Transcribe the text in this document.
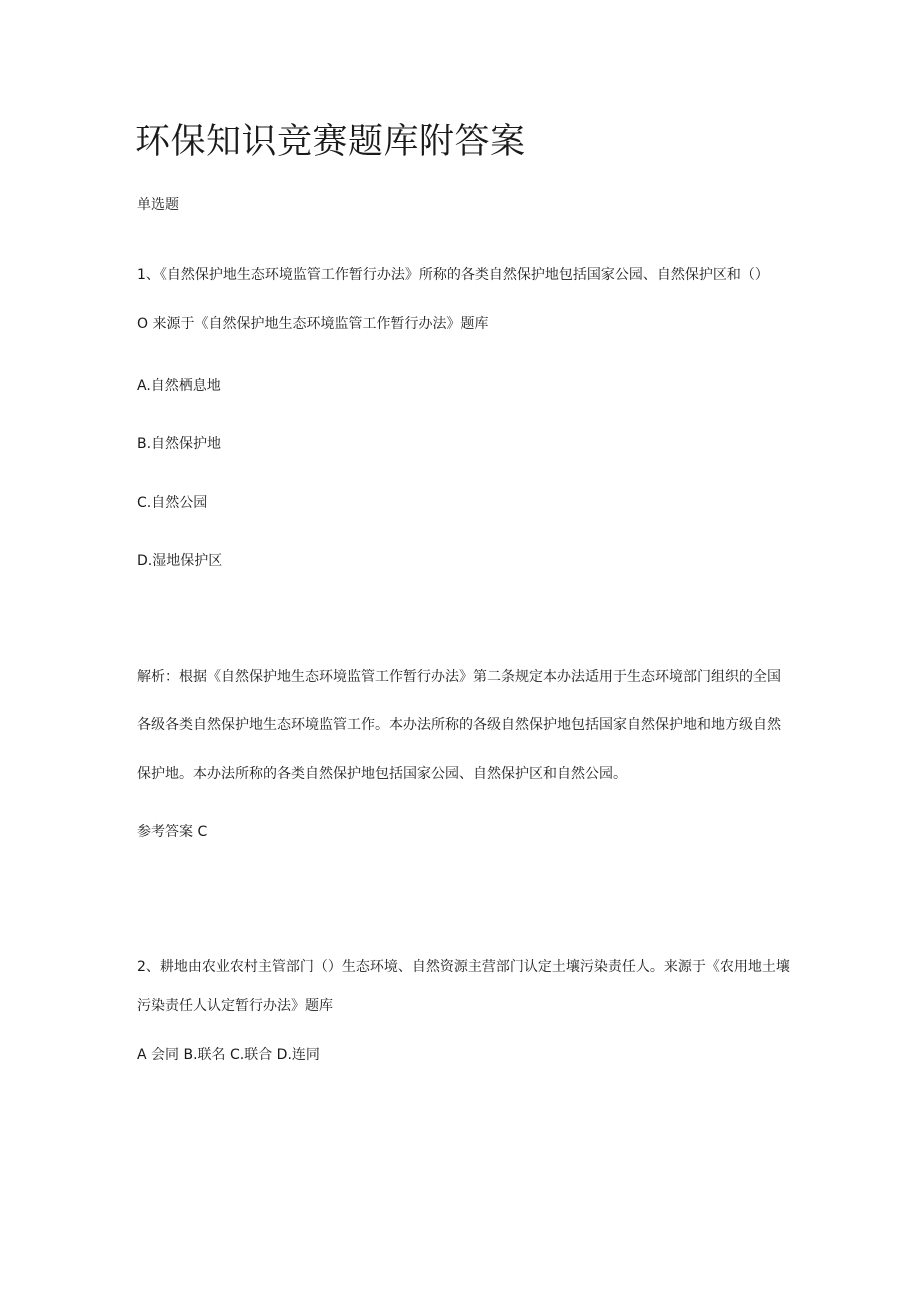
环保知识竞赛题库附答案

单选题

1、《自然保护地生态环境监管工作暂行办法》所称的各类自然保护地包括国家公园、自然保护区和（）

O 来源于《自然保护地生态环境监管工作暂行办法》题库

A.自然栖息地

B.自然保护地

C.自然公园

D.湿地保护区

解析：根据《自然保护地生态环境监管工作暂行办法》第二条规定本办法适用于生态环境部门组织的全国

各级各类自然保护地生态环境监管工作。本办法所称的各级自然保护地包括国家自然保护地和地方级自然

保护地。本办法所称的各类自然保护地包括国家公园、自然保护区和自然公园。

参考答案 C

2、耕地由农业农村主管部门（）生态环境、自然资源主营部门认定土壤污染责任人。来源于《农用地土壤

污染责任人认定暂行办法》题库

A 会同 B.联名 C.联合 D.连同
